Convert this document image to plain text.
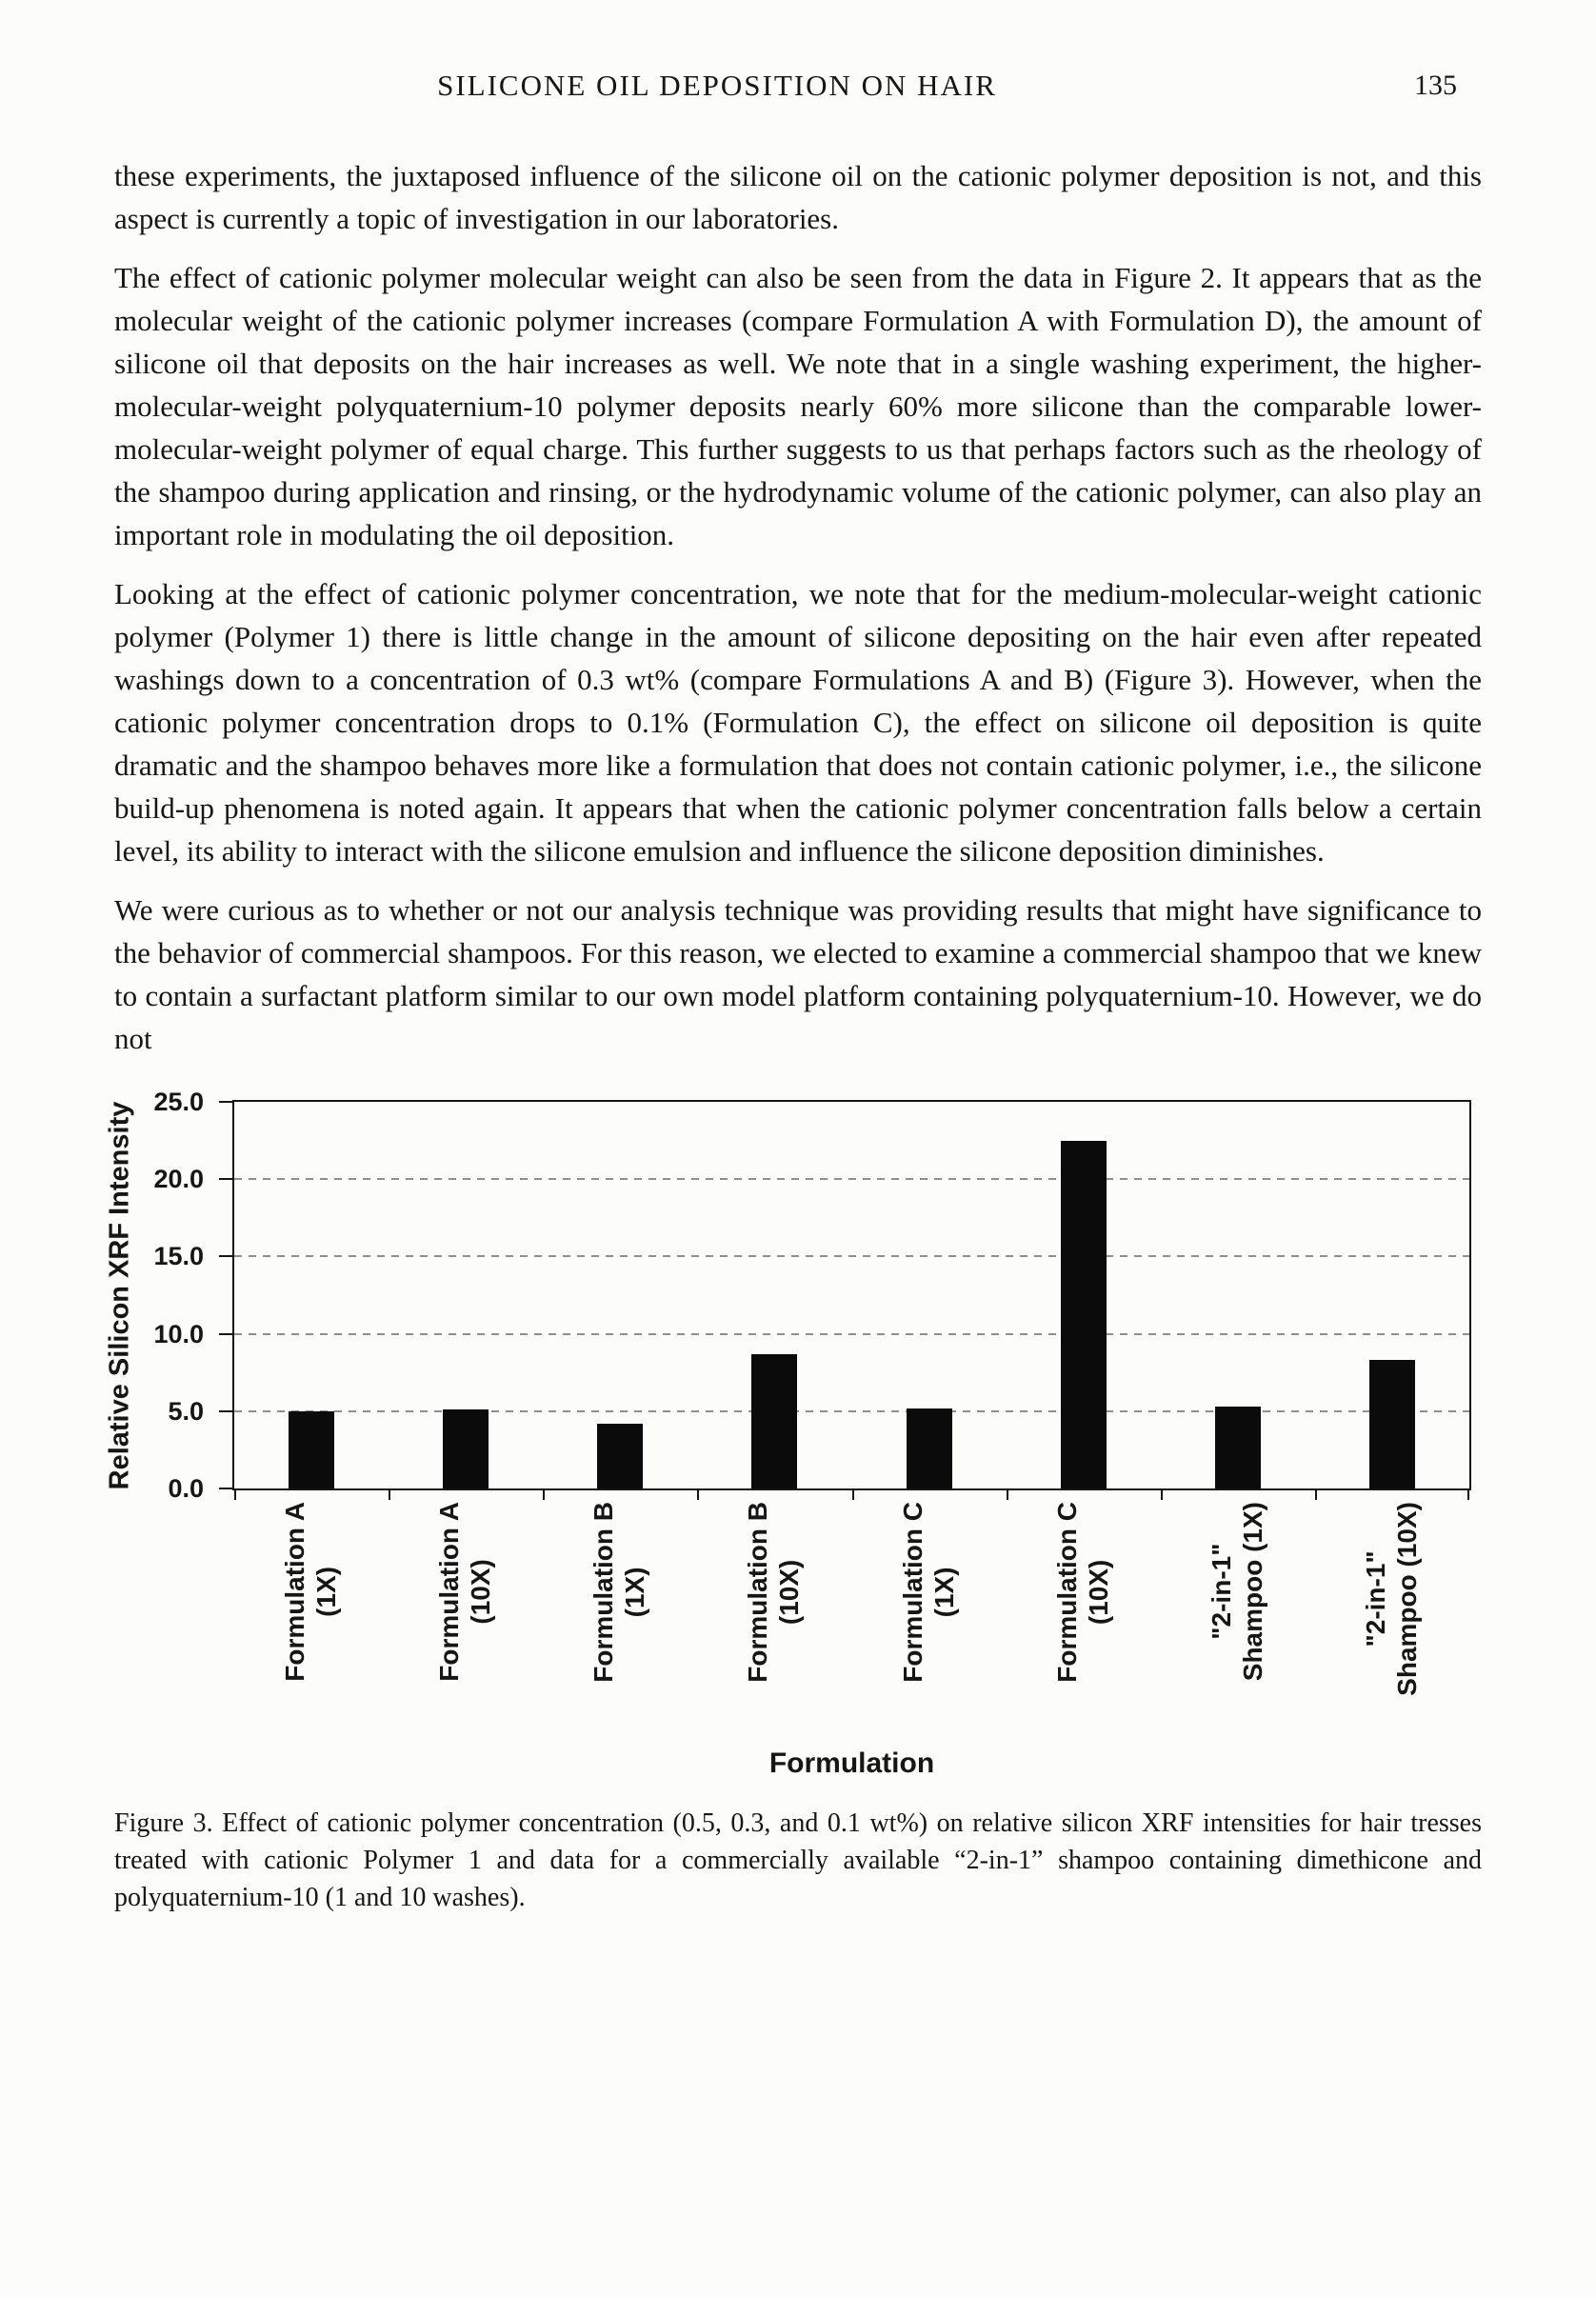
SILICONE OIL DEPOSITION ON HAIR	135

these experiments, the juxtaposed influence of the silicone oil on the cationic polymer deposition is not, and this aspect is currently a topic of investigation in our laboratories.

The effect of cationic polymer molecular weight can also be seen from the data in Figure 2. It appears that as the molecular weight of the cationic polymer increases (compare Formulation A with Formulation D), the amount of silicone oil that deposits on the hair increases as well. We note that in a single washing experiment, the higher-molecular-weight polyquaternium-10 polymer deposits nearly 60% more silicone than the comparable lower-molecular-weight polymer of equal charge. This further suggests to us that perhaps factors such as the rheology of the shampoo during application and rinsing, or the hydrodynamic volume of the cationic polymer, can also play an important role in modulating the oil deposition.

Looking at the effect of cationic polymer concentration, we note that for the medium-molecular-weight cationic polymer (Polymer 1) there is little change in the amount of silicone depositing on the hair even after repeated washings down to a concentration of 0.3 wt% (compare Formulations A and B) (Figure 3). However, when the cationic polymer concentration drops to 0.1% (Formulation C), the effect on silicone oil deposition is quite dramatic and the shampoo behaves more like a formulation that does not contain cationic polymer, i.e., the silicone build-up phenomena is noted again. It appears that when the cationic polymer concentration falls below a certain level, its ability to interact with the silicone emulsion and influence the silicone deposition diminishes.

We were curious as to whether or not our analysis technique was providing results that might have significance to the behavior of commercial shampoos. For this reason, we elected to examine a commercial shampoo that we knew to contain a surfactant platform similar to our own model platform containing polyquaternium-10. However, we do not

Relative Silicon XRF Intensity 0.0
5.0
10.0
15.0
20.0
25.0
Formulation A (1X)	Formulation A (10X)	Formulation B (1X)	Formulation B (10X)	Formulation C (1X)	Formulation C (10X)	"2-in-1" Shampoo (1X)	"2-in-1" Shampoo (10X)
Formulation
Figure 3. Effect of cationic polymer concentration (0.5, 0.3, and 0.1 wt%) on relative silicon XRF intensities for hair tresses treated with cationic Polymer 1 and data for a commercially available “2-in-1” shampoo containing dimethicone and polyquaternium-10 (1 and 10 washes).
